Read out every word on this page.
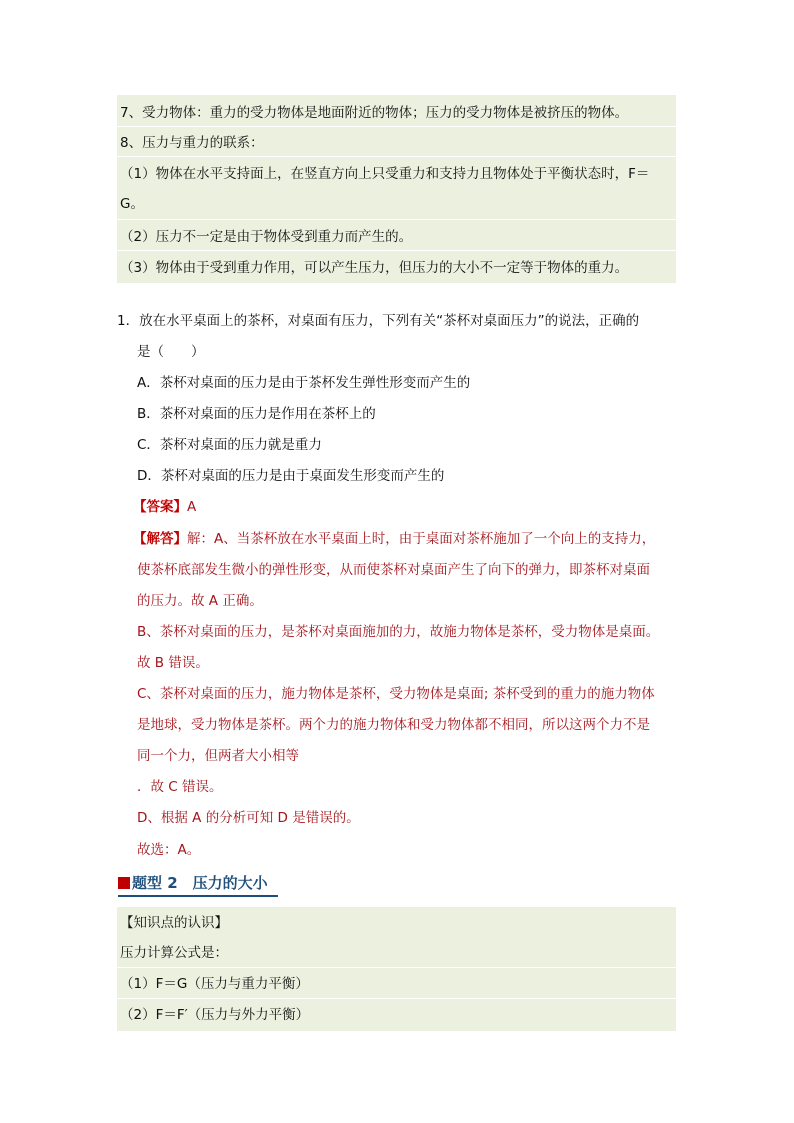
7、受力物体：重力的受力物体是地面附近的物体；压力的受力物体是被挤压的物体。
8、压力与重力的联系：
（1）物体在水平支持面上，在竖直方向上只受重力和支持力且物体处于平衡状态时，F＝
G。
（2）压力不一定是由于物体受到重力而产生的。
（3）物体由于受到重力作用，可以产生压力，但压力的大小不一定等于物体的重力。
1．放在水平桌面上的茶杯，对桌面有压力，下列有关“茶杯对桌面压力”的说法，正确的
是（　　）
A．茶杯对桌面的压力是由于茶杯发生弹性形变而产生的
B．茶杯对桌面的压力是作用在茶杯上的
C．茶杯对桌面的压力就是重力
D．茶杯对桌面的压力是由于桌面发生形变而产生的
【答案】A
【解答】解：A、当茶杯放在水平桌面上时，由于桌面对茶杯施加了一个向上的支持力，
使茶杯底部发生微小的弹性形变，从而使茶杯对桌面产生了向下的弹力，即茶杯对桌面
的压力。故 A 正确。
B、茶杯对桌面的压力，是茶杯对桌面施加的力，故施力物体是茶杯，受力物体是桌面。
故 B 错误。
C、茶杯对桌面的压力，施力物体是茶杯，受力物体是桌面; 茶杯受到的重力的施力物体
是地球，受力物体是茶杯。两个力的施力物体和受力物体都不相同，所以这两个力不是
同一个力，但两者大小相等
．故 C 错误。
D、根据 A 的分析可知 D 是错误的。
故选：A。
题型 2　压力的大小
【知识点的认识】
压力计算公式是：
（1）F＝G（压力与重力平衡）
（2）F＝F′（压力与外力平衡）
